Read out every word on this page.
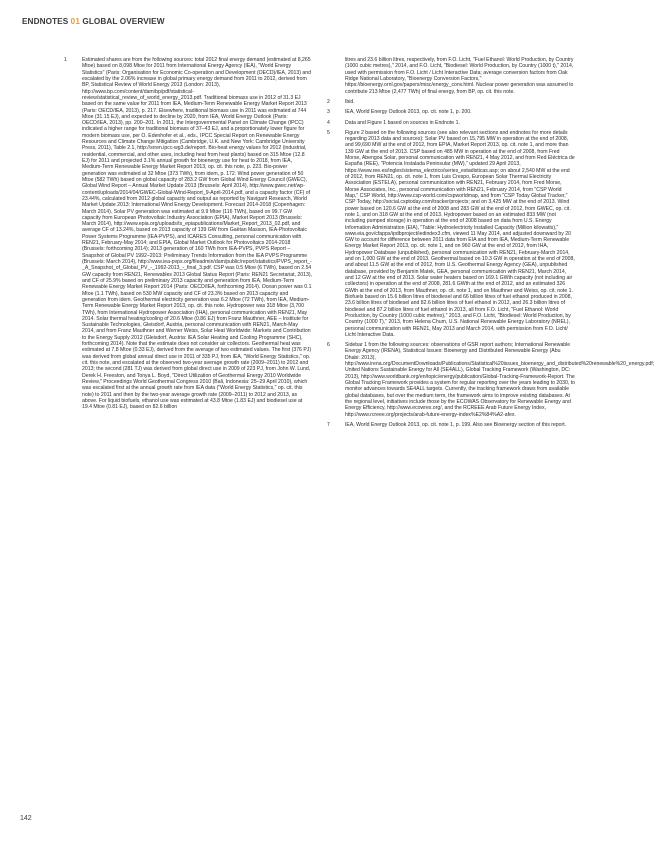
ENDNOTES 01 GLOBAL OVERVIEW
1	Estimated shares are from the following sources: total 2012 final energy demand (estimated at 8,265 Mtoe) based on 8,098 Mtoe for 2011 from International Energy Agency (IEA), "World Energy Statistics" (Paris: Organisation for Economic Co-operation and Development (OECD)/IEA, 2013) and escalated by the 2.06% increase in global primary energy demand from 2011 to 2012, derived from BP, Statistical Review of World Energy 2013 (London: 2013), http://www.bp.com/content/dam/bp/pdf/statistical-review/statistical_review_of_world_energy_2013.pdf. Traditional biomass use in 2012 of 31.3 EJ based on the same value for 2011 from IEA, Medium-Term Renewable Energy Market Report 2013 (Paris: OECD/IEA, 2013), p. 217. Elsewhere, traditional biomass use in 2011 was estimated at 744 Mtoe (31.15 EJ), and expected to decline by 2020, from IEA, World Energy Outlook (Paris: OECD/IEA, 2013), pp. 200–201. In 2011, the Intergovernmental Panel on Climate Change (IPCC) indicated a higher range for traditional biomass of 37–43 EJ, and a proportionately lower figure for modern biomass use, per O. Edenhofer et al., eds., IPCC Special Report on Renewable Energy Resources and Climate Change Mitigation (Cambridge, U.K. and New York: Cambridge University Press, 2011), Table 2.1, http://srren.ipcc-wg3.de/report. Bio-heat energy values for 2012 (industrial, residential, commercial, and other uses, including heat from heat plants) based on 315 Mtoe (12.8 EJ) for 2011 and projected 3.1% annual growth for bioenergy use for heat to 2018, from IEA, Medium-Term Renewable Energy Market Report 2013, op. cit. this note, p. 223. Bio-power generation was estimated at 32 Mtoe (373 TWh), from idem, p. 172. Wind power generation of 50 Mtoe (582 TWh) based on global capacity of 283.2 GW from Global Wind Energy Council (GWEC), Global Wind Report – Annual Market Update 2013 (Brussels: April 2014), http://www.gwec.net/wp-content/uploads/2014/04/GWEC-Global-Wind-Report_9-April-2014.pdf, and a capacity factor (CF) of 23.44%, calculated from 2012 global capacity and output as reported by Navigant Research, World Market Update 2013: International Wind Energy Development. Forecast 2014-2018 (Copenhagen: March 2014). Solar PV generation was estimated at 9.9 Mtoe (116 TWh), based on 99.7 GW capacity from European Photovoltaic Industry Association (EPIA), Market Report 2013 (Brussels: March 2014), http://www.epia.org/uploads/tx_epiapublications/Market_Report_2013_02.pdf, and average CF of 13.24%, based on 2013 capacity of 139 GW from Gaëtan Masson, IEA-Photovoltaic Power Systems Programme (IEA-PVPS), and ICARES Consulting, personal communication with REN21, February-May 2014; and EPIA, Global Market Outlook for Photovoltaics 2014-2018 (Brussels: forthcoming 2014); 2013 generation of 160 TWh from IEA-PVPS, PVPS Report – Snapshot of Global PV 1992–2013: Preliminary Trends Information from the IEA PVPS Programme (Brussels: March 2014), http://www.iea-pvps.org/fileadmin/dam/public/report/statistics/PVPS_report_-_A_Snapshot_of_Global_PV_-_1992-2013_-_final_3.pdf. CSP was 0.5 Mtoe (6 TWh), based on 2.54 GW capacity from REN21, Renewables 2013 Global Status Report (Paris: REN21 Secretariat, 2013), and CF of 25.9% based on preliminary 2013 capacity and generation from IEA, Medium-Term Renewable Energy Market Report 2014 (Paris: OECD/IEA, forthcoming 2014). Ocean power was 0.1 Mtoe (1.1 TWh), based on 530 MW capacity and CF of 23.3% based on 2013 capacity and generation from idem. Geothermal electricity generation was 6.2 Mtoe (72 TWh), from IEA, Medium-Term Renewable Energy Market Report 2013, op. cit. this note. Hydropower was 318 Mtoe (3,700 TWh), from International Hydropower Association (IHA), personal communication with REN21, May 2014. Solar thermal heating/cooling of 20.6 Mtoe (0.86 EJ) from Franz Mauthner, AEE – Institute for Sustainable Technologies, Gleisdorf, Austria, personal communication with REN21, March-May 2014, and from Franz Mauthner and Werner Weiss, Solar Heat Worldwide: Markets and Contribution to the Energy Supply 2012 (Gleisdorf, Austria: IEA Solar Heating and Cooling Programme (SHC), forthcoming 2014). Note that the estimate does not consider air collectors. Geothermal heat was estimated at 7.8 Mtoe (0.33 EJ), derived from the average of two estimated values. The first (376 PJ) was derived from global annual direct use in 2011 of 335 PJ, from IEA, "World Energy Statistics," op. cit. this note, and escalated at the observed two-year average growth rate (2009–2011) to 2012 and 2013; the second (281 TJ) was derived from global direct use in 2009 of 223 PJ, from John W. Lund, Derek H. Freeston, and Tonya L. Boyd, "Direct Utilization of Geothermal Energy 2010 Worldwide Review," Proceedings World Geothermal Congress 2010 (Bali, Indonesia: 25–29 April 2010), which was escalated first at the annual growth rate from IEA data ("World Energy Statistics," op. cit. this note) to 2011 and then by the two-year average growth rate (2009–2011) to 2012 and 2013, as above. For liquid biofuels, ethanol use was estimated at 43.8 Mtoe (1.83 EJ) and biodiesel use at 19.4 Mtoe (0.81 EJ), based on 82.6 billion
litres and 23.6 billion litres, respectively, from F.O. Licht, "Fuel Ethanol: World Production, by Country (1000 cubic metres)," 2014, and F.O. Licht, "Biodiesel: World Production, by Country (1000 t)," 2014, used with permission from F.O. Licht / Licht Interactive Data; average conversion factors from Oak Ridge National Laboratory, "Bioenergy Conversion Factors," https://bioenergy.ornl.gov/papers/misc/energy_conv.html. Nuclear power generation was assumed to contribute 213 Mtoe (2,477 TWh) of final energy, from BP, op. cit. this note.
2	Ibid.
3	IEA, World Energy Outlook 2013, op. cit. note 1, p. 200.
4	Data and Figure 1 based on sources in Endnote 1.
5	Figure 2 based on the following sources (see also relevant sections and endnotes for more details regarding 2013 data and sources): Solar PV based on 15,795 MW in operation at the end of 2008, and 99,690 MW at the end of 2012, from EPIA, Market Report 2013, op. cit. note 1, and more than 139 GW at the end of 2013. CSP based on 485 MW in operation at the end of 2008, from Fred Morse, Abengoa Solar, personal communication with REN21, 4 May 2012, and from Red Eléctrica de España (REE), "Potencia Instalada Peninsular (MW)," updated 29 April 2013, https://www.ree.es/ingles/sistema_electrico/series_estadisticas.asp; on about 2,540 MW at the end of 2012, from REN21, op. cit. note 1, from Luis Crespo, European Solar Thermal Electricity Association (ESTELA), personal communication with REN21, February 2014, from Fred Morse, Morse Associates, Inc., personal communication with REN21, February 2014, from "CSP World Map," CSP World, http://www.csp-world.com/cspworldmap, and from "CSP Today Global Tracker," CSP Today, http://social.csptoday.com/tracker/projects; and on 3,425 MW at the end of 2013. Wind power based on 120.6 GW at the end of 2008 and 283 GW at the end of 2012, from GWEC, op. cit. note 1, and on 318 GW at the end of 2013. Hydropower based on an estimated 833 MW (not including pumped storage) in operation at the end of 2008 based on data from U.S. Energy Information Administration (EIA), "Table: Hydroelectricity Installed Capacity (Million kilowatts)," www.eia.gov/cfapps/ipdbproject/iedindex3.cfm, viewed 11 May 2014, and adjusted downward by 20 GW to account for difference between 2011 data from EIA and from IEA, Medium-Term Renewable Energy Market Report 2013, op. cit. note 1, and on 960 GW at the end of 2012, from IHA, Hydropower Database (unpublished), personal communication with REN21, February-March 2014, and on 1,000 GW at the end of 2013. Geothermal based on 10.3 GW in operation at the end of 2008, and about 11.5 GW at the end of 2012, from U.S. Geothermal Energy Agency (GEA), unpublished database, provided by Benjamin Matek, GEA, personal communication with REN21, March 2014, and 12 GW at the end of 2013. Solar water heaters based on 169.1 GWth capacity (not including air collectors) in operation at the end of 2008, 281.6 GWth at the end of 2012, and an estimated 326 GWth at the end of 2013, from Mauthner, op. cit. note 1, and on Mauthner and Weiss, op. cit. note 1. Biofuels based on 15.6 billion litres of biodiesel and 66 billion litres of fuel ethanol produced in 2008, 23.6 billion litres of biodiesel and 82.6 billion litres of fuel ethanol in 2012, and 26.3 billion litres of biodiesel and 87.2 billion litres of fuel ethanol in 2013, all from F.O. Licht, "Fuel Ethanol: World Production, by Country (1000 cubic metres)," 2013, and F.O. Licht, "Biodiesel: World Production, by Country (1000 T)," 2013, from Helena Chum, U.S. National Renewable Energy Laboratory (NREL), personal communication with REN21, May 2013 and March 2014, with permission from F.O. Licht/ Licht Interactive Data.
6	Sidebar 1 from the following sources: observations of GSR report authors; International Renewable Energy Agency (IRENA), Statistical Issues: Bioenergy and Distributed Renewable Energy (Abu Dhabi: 2013), http://www.irena.org/DocumentDownloads/Publications/Statistical%20issues_bioenergy_and_distributed%20renewable%20_energy.pdf; United Nations Sustainable Energy for All (SE4ALL), Global Tracking Framework (Washington, DC: 2013), http://www.worldbank.org/en/topic/energy/publication/Global-Tracking-Framework-Report. The Global Tracking Framework provides a system for regular reporting over the years leading to 2030, to monitor advances towards SE4ALL targets. Currently, the tracking framework draws from available global databases, but over the medium term, the framework aims to improve existing databases. At the regional level, initiatives include those by the ECOWAS Observatory for Renewable Energy and Energy Efficiency, http://www.ecowrex.org/, and the RCREEE Arab Future Energy Index, http://www.rcreee.org/projects/arab-future-energy-index%E2%84%A2-afex.
7	IEA, World Energy Outlook 2013, op. cit. note 1, p. 199. Also see Bioenergy section of this report.
142
